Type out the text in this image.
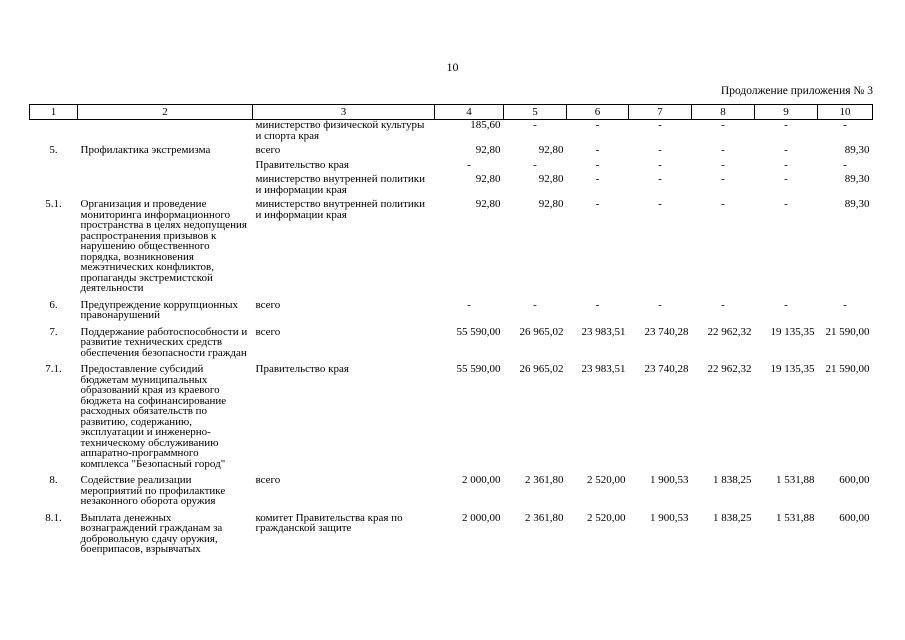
10
Продолжение приложения № 3
1	2	3	4	5	6	7	8	9	10
		министерство физической культуры и спорта края	185,60	-	-	-	-	-	-

5.	Профилактика экстремизма	всего	92,80	92,80	-	-	-	-	89,30

		Правительство края	-	-	-	-	-	-	-

		министерство внутренней политики и информации края	92,80	92,80	-	-	-	-	89,30

5.1.	Организация и проведение мониторинга информационного пространства в целях недопущения распространения призывов к нарушению общественного порядка, возникновения межэтнических конфликтов, пропаганды экстремистской деятельности	министерство внутренней политики и информации края	92,80	92,80	-	-	-	-	89,30

6.	Предупреждение коррупционных правонарушений	всего	-	-	-	-	-	-	-

7.	Поддержание работоспособности и развитие технических средств обеспечения безопасности граждан	всего	55 590,00	26 965,02	23 983,51	23 740,28	22 962,32	19 135,35	21 590,00

7.1.	Предоставление субсидий бюджетам муниципальных образований края из краевого бюджета на софинансирование расходных обязательств по развитию, содержанию, эксплуатации и инженерно-техническому обслуживанию аппаратно-программного комплекса "Безопасный город"	Правительство края	55 590,00	26 965,02	23 983,51	23 740,28	22 962,32	19 135,35	21 590,00

8.	Содействие реализации мероприятий по профилактике незаконного оборота оружия	всего	2 000,00	2 361,80	2 520,00	1 900,53	1 838,25	1 531,88	600,00

8.1.	Выплата денежных вознаграждений гражданам за добровольную сдачу оружия, боеприпасов, взрывчатых	комитет Правительства края по гражданской защите	2 000,00	2 361,80	2 520,00	1 900,53	1 838,25	1 531,88	600,00
